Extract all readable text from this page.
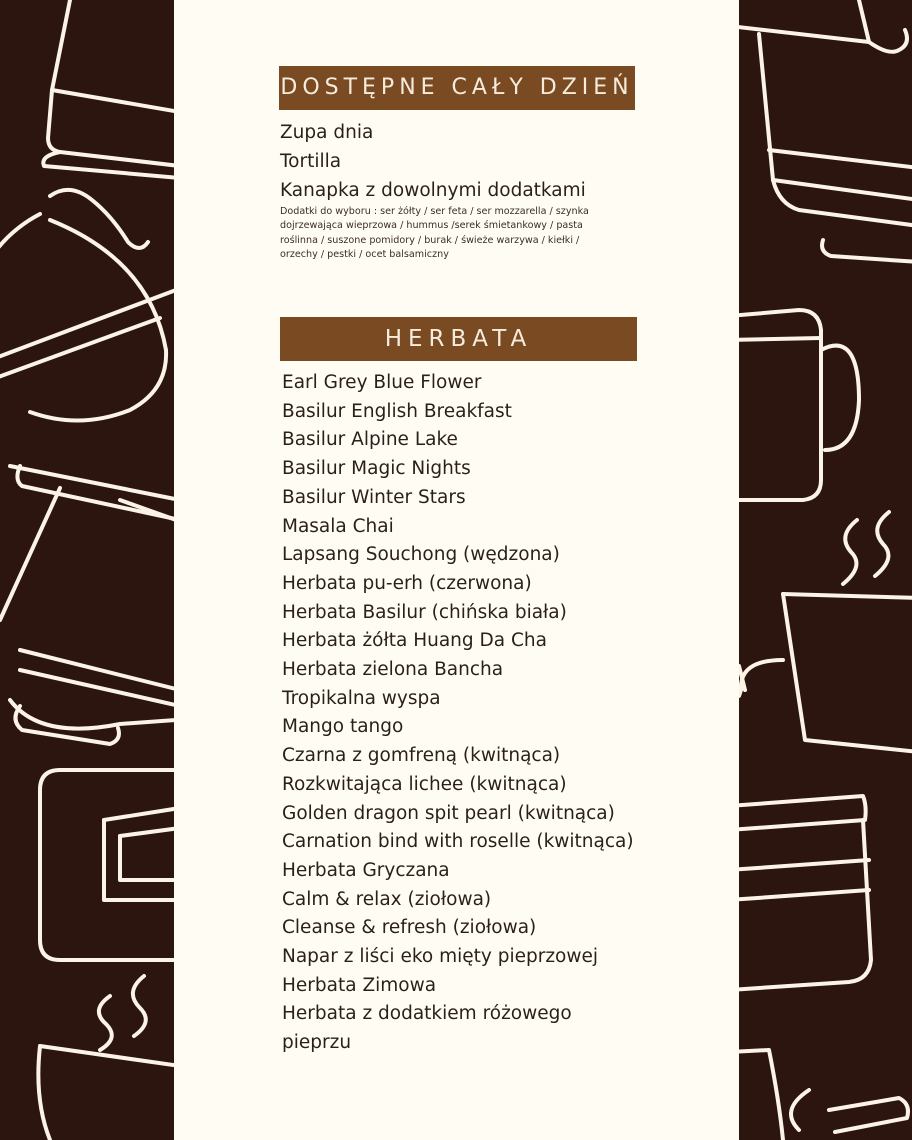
DOSTĘPNE CAŁY DZIEŃ
Zupa dnia
Tortilla
Kanapka z dowolnymi dodatkami

Dodatki do wyboru : ser żółty / ser feta / ser mozzarella / szynka dojrzewająca wieprzowa / hummus /serek śmietankowy / pasta roślinna / suszone pomidory / burak / świeże warzywa / kiełki / orzechy / pestki / ocet balsamiczny

HERBATA
Earl Grey Blue Flower
Basilur English Breakfast
Basilur Alpine Lake
Basilur Magic Nights
Basilur Winter Stars
Masala Chai
Lapsang Souchong (wędzona)
Herbata pu-erh (czerwona)
Herbata Basilur (chińska biała)
Herbata żółta Huang Da Cha
Herbata zielona Bancha
Tropikalna wyspa
Mango tango
Czarna z gomfreną (kwitnąca)
Rozkwitająca lichee (kwitnąca)
Golden dragon spit pearl (kwitnąca)
Carnation bind with roselle (kwitnąca)
Herbata Gryczana
Calm & relax (ziołowa)
Cleanse & refresh (ziołowa)
Napar z liści eko mięty pieprzowej
Herbata Zimowa
Herbata z dodatkiem różowego pieprzu
